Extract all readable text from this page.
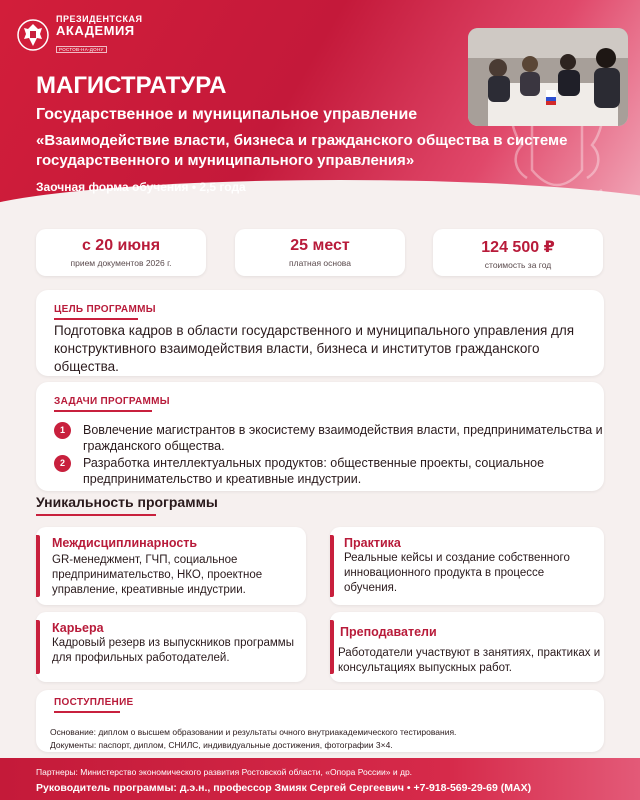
ПРЕЗИДЕНТСКАЯ
АКАДЕМИЯ
РОСТОВ-НА-ДОНУ
МАГИСТРАТУРА
Государственное и муниципальное управление
«Взаимодействие власти, бизнеса и гражданского общества в системе государственного и муниципального управления»
Заочная форма обучения • 2,5 года
с 20 июня
прием документов 2026 г.
25 мест
платная основа
124 500 ₽
стоимость за год
ЦЕЛЬ ПРОГРАММЫ
Подготовка кадров в области государственного и муниципального управления для конструктивного взаимодействия власти, бизнеса и институтов гражданского общества.
ЗАДАЧИ ПРОГРАММЫ
1	Вовлечение магистрантов в экосистему взаимодействия власти, предпринимательства и гражданского общества.
2	Разработка интеллектуальных продуктов: общественные проекты, социальное предпринимательство и креативные индустрии.
Уникальность программы
Междисциплинарность
GR-менеджмент, ГЧП, социальное предпринимательство, НКО, проектное управление, креативные индустрии.
Практика
Реальные кейсы и создание собственного инновационного продукта в процессе обучения.
Карьера
Кадровый резерв из выпускников программы для профильных работодателей.
Преподаватели
Работодатели участвуют в занятиях, практиках и консультациях выпускных работ.
ПОСТУПЛЕНИЕ
Основание: диплом о высшем образовании и результаты очного внутриакадемического тестирования.
Документы: паспорт, диплом, СНИЛС, индивидуальные достижения, фотографии 3×4.
Партнеры: Министерство экономического развития Ростовской области, «Опора России» и др.
Руководитель программы: д.э.н., профессор Змияк Сергей Сергеевич • +7-918-569-29-69 (MAX)
